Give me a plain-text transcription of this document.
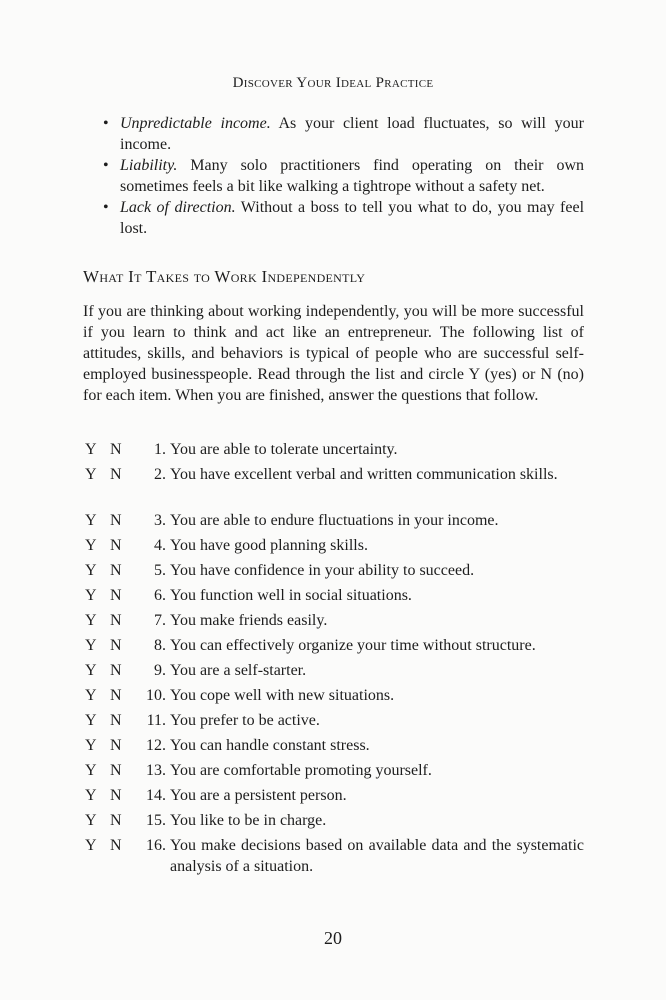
Discover Your Ideal Practice
• Unpredictable income. As your client load fluctuates, so will your income.
• Liability. Many solo practitioners find operating on their own sometimes feels a bit like walking a tightrope without a safety net.
• Lack of direction. Without a boss to tell you what to do, you may feel lost.
What It Takes to Work Independently
If you are thinking about working independently, you will be more successful if you learn to think and act like an entrepreneur. The following list of attitudes, skills, and behaviors is typical of people who are successful self-employed businesspeople. Read through the list and circle Y (yes) or N (no) for each item. When you are finished, answer the questions that follow.
Y N	1. You are able to tolerate uncertainty.
Y N	2. You have excellent verbal and written communication skills.
Y N	3. You are able to endure fluctuations in your income.
Y N	4. You have good planning skills.
Y N	5. You have confidence in your ability to succeed.
Y N	6. You function well in social situations.
Y N	7. You make friends easily.
Y N	8. You can effectively organize your time without structure.
Y N	9. You are a self-starter.
Y N	10. You cope well with new situations.
Y N	11. You prefer to be active.
Y N	12. You can handle constant stress.
Y N	13. You are comfortable promoting yourself.
Y N	14. You are a persistent person.
Y N	15. You like to be in charge.
Y N	16. You make decisions based on available data and the systematic analysis of a situation.
20
